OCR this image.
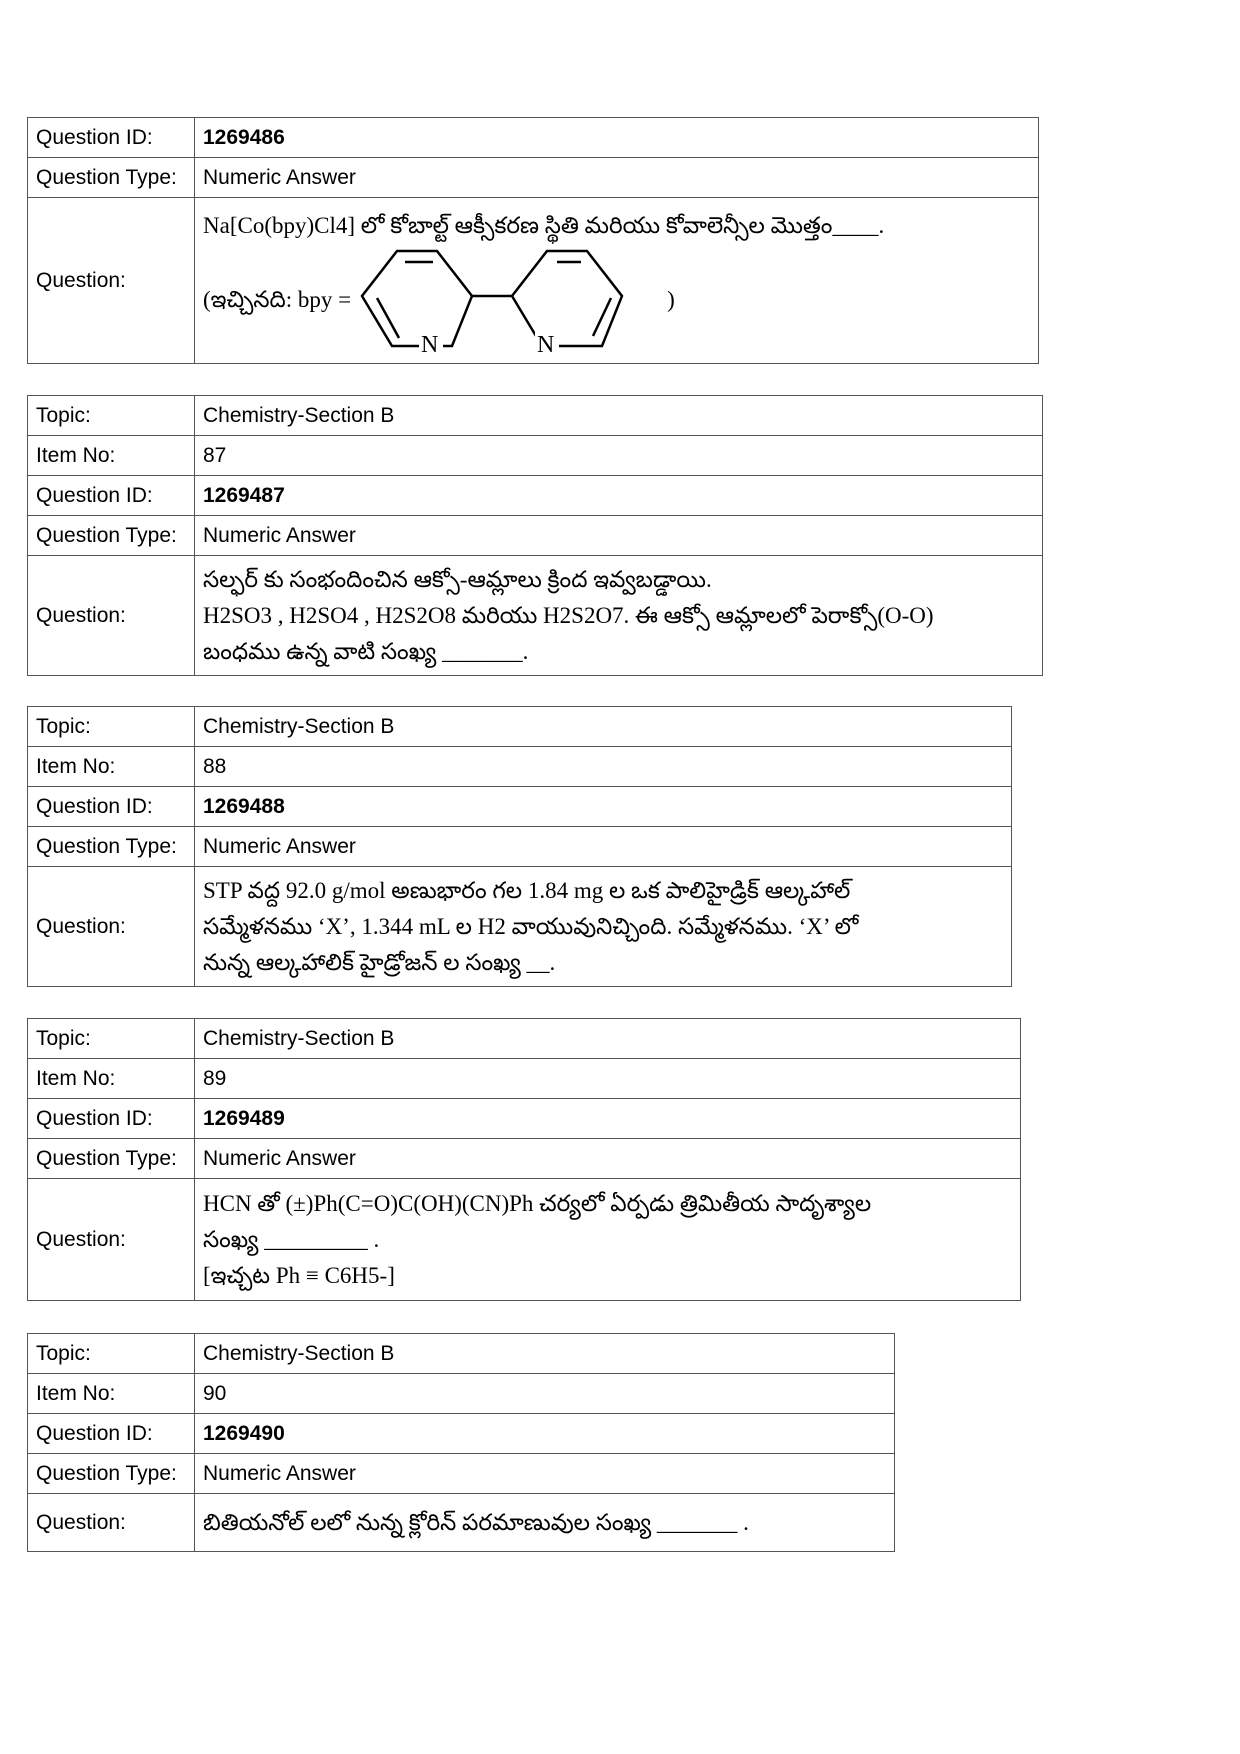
Question ID:	1269486
Question Type:	Numeric Answer
Question:	Na[Co(bpy)Cl4] లో కోబాల్ట్ ఆక్సీకరణ స్థితి మరియు కోవాలెన్సీల మొత్తం____.
(ఇచ్చినది: bpy =
N N
)
Topic:	Chemistry-Section B
Item No:	87
Question ID:	1269487
Question Type:	Numeric Answer
Question:	సల్ఫర్ కు సంభందించిన ఆక్సో-ఆమ్లాలు క్రింద ఇవ్వబడ్డాయి.
H2SO3 , H2SO4 , H2S2O8 మరియు H2S2O7. ఈ ఆక్సో ఆమ్లాలలో పెరాక్సో(O-O)
బంధము ఉన్న వాటి సంఖ్య _______.
Topic:	Chemistry-Section B
Item No:	88
Question ID:	1269488
Question Type:	Numeric Answer
Question:	STP వద్ద 92.0 g/mol అణుభారం గల 1.84 mg ల ఒక పాలిహైడ్రిక్ ఆల్కహాల్
సమ్మేళనము ‘X’, 1.344 mL ల H2 వాయువునిచ్చింది. సమ్మేళనము. ‘X’ లో
నున్న ఆల్కహాలిక్ హైడ్రోజన్ ల సంఖ్య __.
Topic:	Chemistry-Section B
Item No:	89
Question ID:	1269489
Question Type:	Numeric Answer
Question:	HCN తో (±)Ph(C=O)C(OH)(CN)Ph చర్యలో ఏర్పడు త్రిమితీయ సాదృశ్యాల
సంఖ్య _________ .
[ఇచ్చట Ph ≡ C6H5-]
Topic:	Chemistry-Section B
Item No:	90
Question ID:	1269490
Question Type:	Numeric Answer
Question:	బితియనోల్ లలో నున్న క్లోరిన్ పరమాణువుల సంఖ్య _______ .
